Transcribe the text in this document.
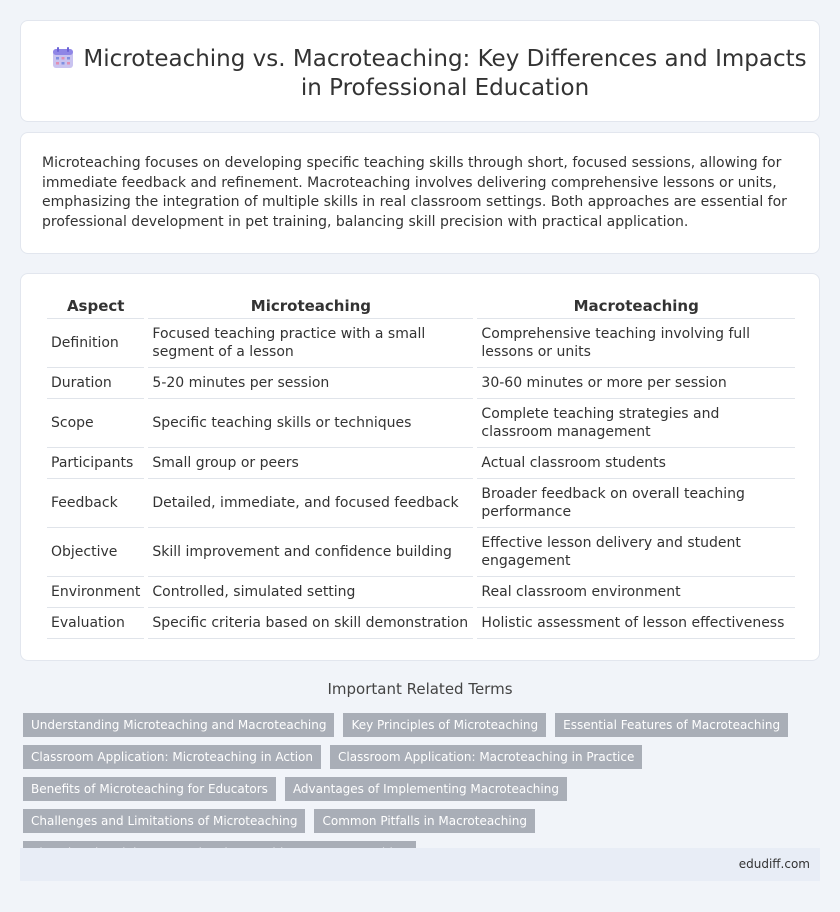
Microteaching vs. Macroteaching: Key Differences and Impacts in Professional Education

Microteaching focuses on developing specific teaching skills through short, focused sessions, allowing for immediate feedback and refinement. Macroteaching involves delivering comprehensive lessons or units, emphasizing the integration of multiple skills in real classroom settings. Both approaches are essential for professional development in pet training, balancing skill precision with practical application.

Aspect	Microteaching	Macroteaching
Definition	Focused teaching practice with a small segment of a lesson	Comprehensive teaching involving full lessons or units
Duration	5-20 minutes per session	30-60 minutes or more per session
Scope	Specific teaching skills or techniques	Complete teaching strategies and classroom management
Participants	Small group or peers	Actual classroom students
Feedback	Detailed, immediate, and focused feedback	Broader feedback on overall teaching performance
Objective	Skill improvement and confidence building	Effective lesson delivery and student engagement
Environment	Controlled, simulated setting	Real classroom environment
Evaluation	Specific criteria based on skill demonstration	Holistic assessment of lesson effectiveness
Important Related Terms
Understanding Microteaching and Macroteaching	Key Principles of Microteaching	Essential Features of Macroteaching
Classroom Application: Microteaching in Action	Classroom Application: Macroteaching in Practice
Benefits of Microteaching for Educators	Advantages of Implementing Macroteaching
Challenges and Limitations of Microteaching	Common Pitfalls in Macroteaching
edudiff.com
